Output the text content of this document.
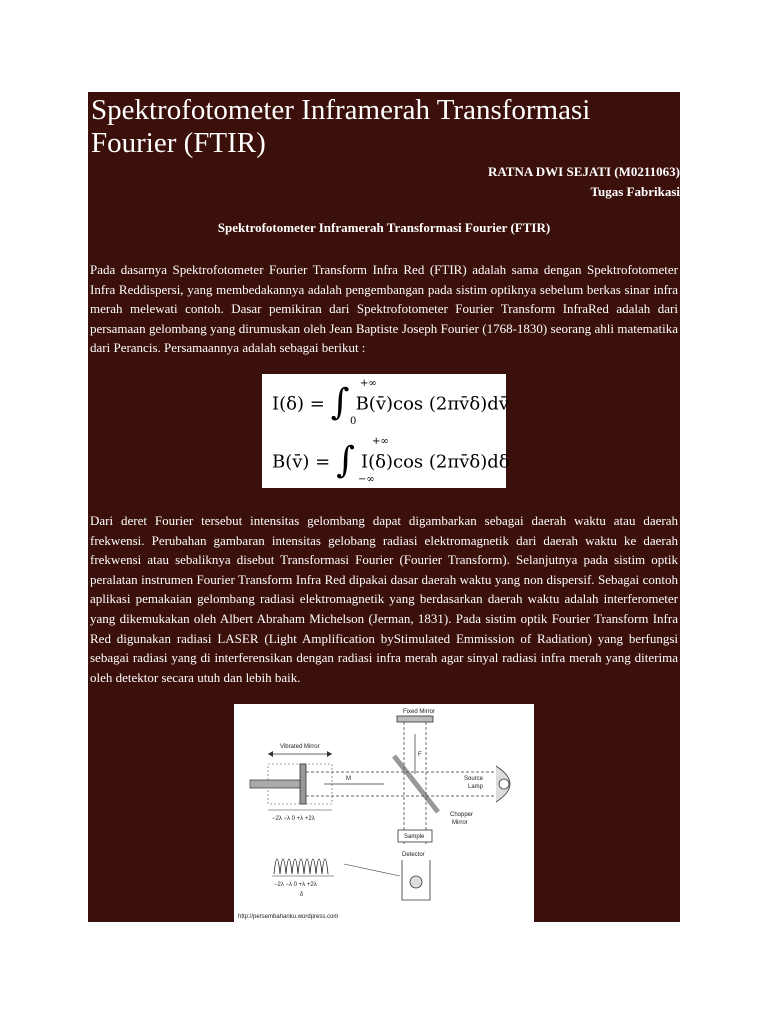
Spektrofotometer Inframerah Transformasi Fourier (FTIR)
RATNA DWI SEJATI (M0211063)
Tugas Fabrikasi
Spektrofotometer Inframerah Transformasi Fourier (FTIR)

Pada dasarnya Spektrofotometer Fourier Transform Infra Red (FTIR) adalah sama dengan Spektrofotometer Infra Reddispersi, yang membedakannya adalah pengembangan pada sistim optiknya sebelum berkas sinar infra merah melewati contoh. Dasar pemikiran dari Spektrofotometer Fourier Transform InfraRed adalah dari persamaan gelombang yang dirumuskan oleh Jean Baptiste Joseph Fourier (1768-1830) seorang ahli matematika dari Perancis. Persamaannya adalah sebagai berikut :

I(δ) = ∫ B(v̄)cos (2πv̄δ)dv̄
+∞
0
B(v̄) = ∫ I(δ)cos (2πv̄δ)dδ
+∞
−∞

Dari deret Fourier tersebut intensitas gelombang dapat digambarkan sebagai daerah waktu atau daerah frekwensi. Perubahan gambaran intensitas gelobang radiasi elektromagnetik dari daerah waktu ke daerah frekwensi atau sebaliknya disebut Transformasi Fourier (Fourier Transform). Selanjutnya pada sistim optik peralatan instrumen Fourier Transform Infra Red dipakai dasar daerah waktu yang non dispersif. Sebagai contoh aplikasi pemakaian gelombang radiasi elektromagnetik yang berdasarkan daerah waktu adalah interferometer yang dikemukakan oleh Albert Abraham Michelson (Jerman, 1831). Pada sistim optik Fourier Transform Infra Red digunakan radiasi LASER (Light Amplification byStimulated Emmission of Radiation) yang berfungsi sebagai radiasi yang di interferensikan dengan radiasi infra merah agar sinyal radiasi infra merah yang diterima oleh detektor secara utuh dan lebih baik.

Fixed Mirror
F
Vibrated Mirror
M	Source
Lamp
Chopper
Mirror
Sample
Detector
−2λ −λ 0 +λ +2λ
−2λ −λ 0 +λ +2λ
δ
http://persembahanku.wordpress.com
